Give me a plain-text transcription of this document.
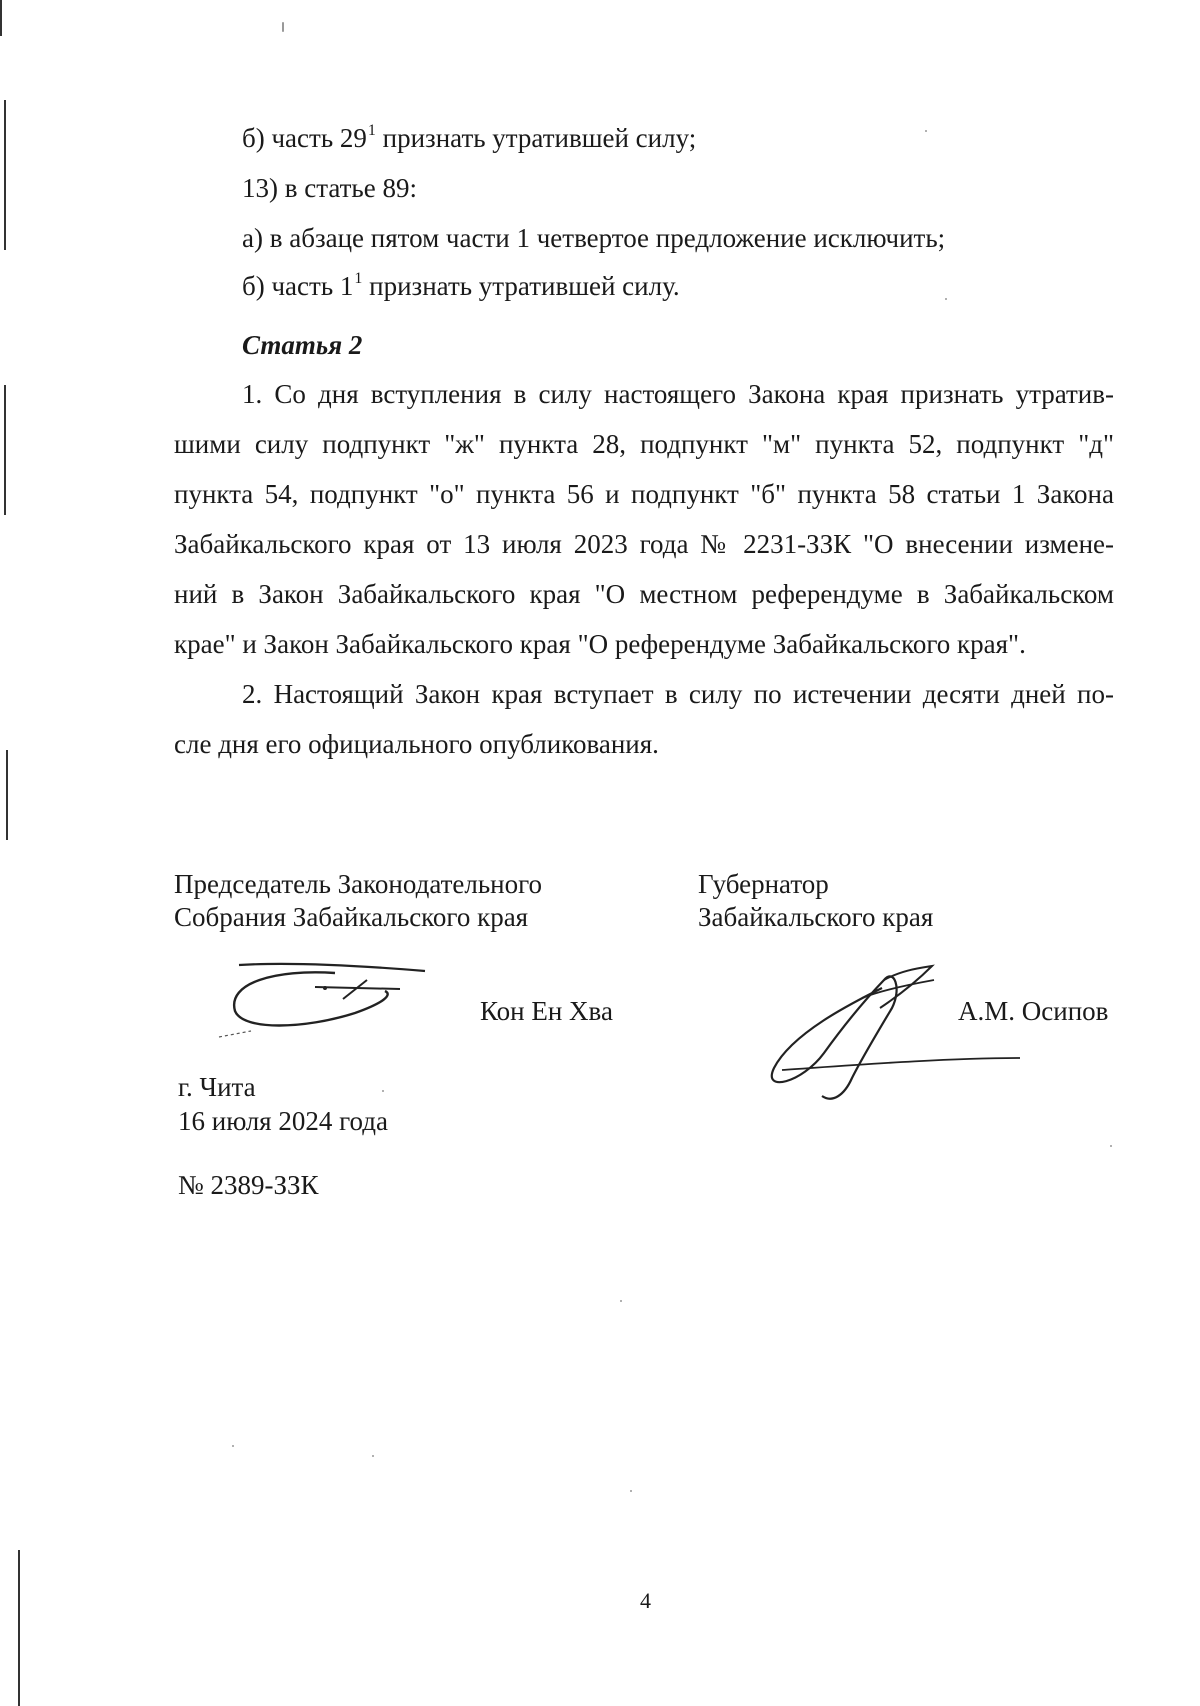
б) часть $29^1$ признать утратившей силу;
13) в статье 89:
а) в абзаце пятом части 1 четвертое предложение исключить;
б) часть $1^1$ признать утратившей силу.
Статья 2
1. Со дня вступления в силу настоящего Закона края признать утратив-
шими силу подпункт "ж" пункта 28, подпункт "м" пункта 52, подпункт "д"
пункта 54, подпункт "о" пункта 56 и подпункт "б" пункта 58 статьи 1 Закона
Забайкальского края от 13 июля 2023 года № 2231-ЗЗК "О внесении измене-
ний в Закон Забайкальского края "О местном референдуме в Забайкальском
крае" и Закон Забайкальского края "О референдуме Забайкальского края".
2. Настоящий Закон края вступает в силу по истечении десяти дней по-
сле дня его официального опубликования.
Председатель Законодательного
Собрания Забайкальского края
Губернатор
Забайкальского края
Кон Ен Хва	А.М. Осипов
г. Чита
16 июля 2024 года
№ 2389-ЗЗК
4
